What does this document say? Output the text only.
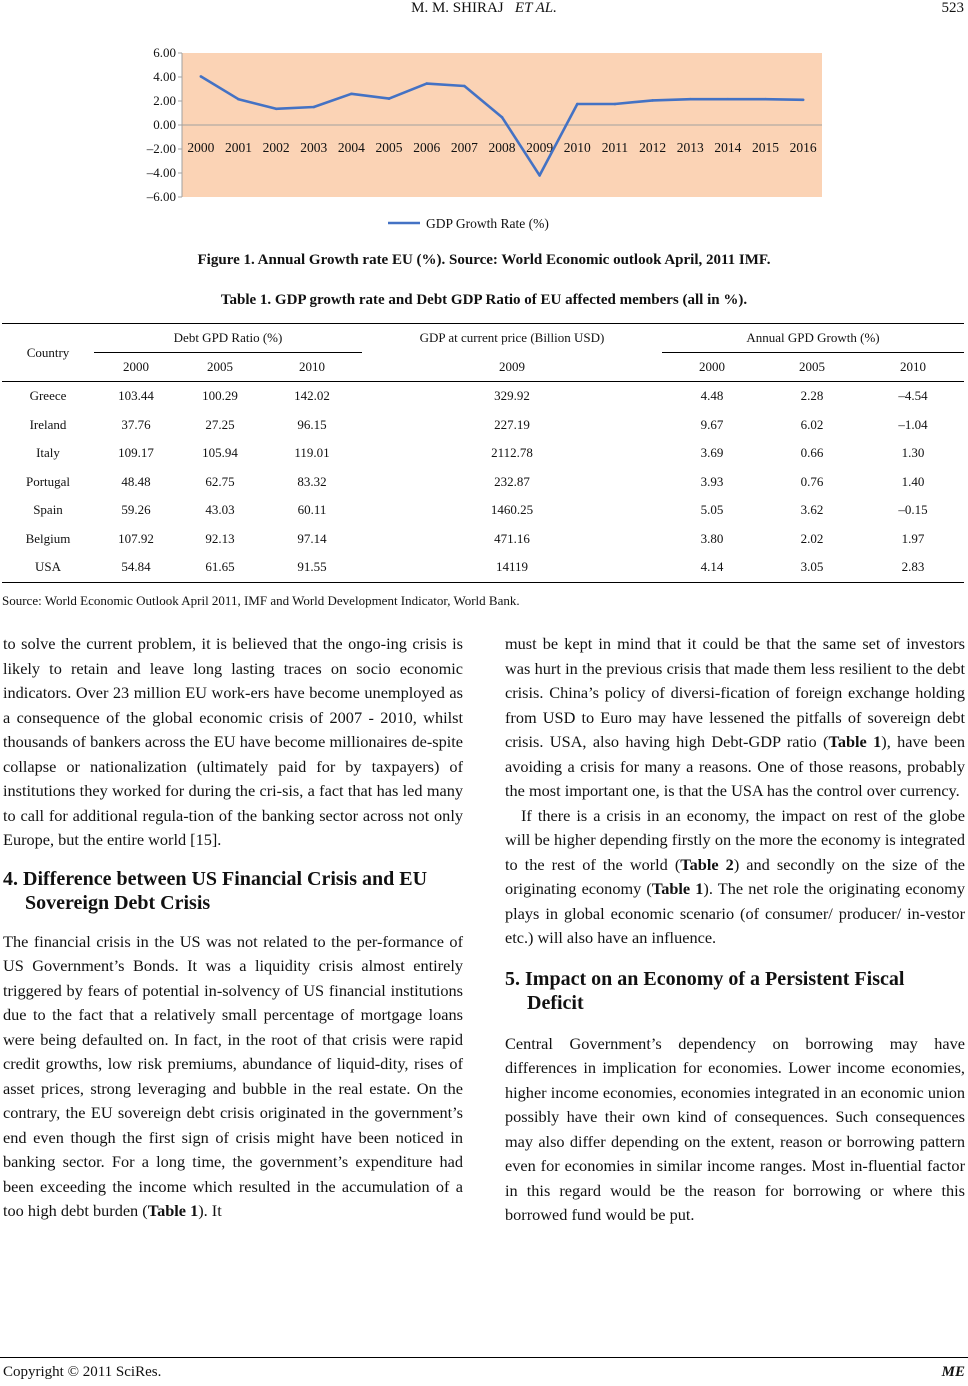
M. M. SHIRAJ ET AL.	523
6.00
4.00
2.00
0.00
–2.00
–4.00
–6.00
2000 2001 2002 2003 2004 2005 2006 2007 2008 2009 2010 2011 2012 2013 2014 2015 2016
GDP Growth Rate (%)
Figure 1. Annual Growth rate EU (%). Source: World Economic outlook April, 2011 IMF.
Table 1. GDP growth rate and Debt GDP Ratio of EU affected members (all in %).
Country	Debt GPD Ratio (%)			GDP at current price (Billion USD)	Annual GPD Growth (%)		
	2000	2005	2010	2009	2000	2005	2010
Greece	103.44	100.29	142.02	329.92	4.48	2.28	–4.54
Ireland	37.76	27.25	96.15	227.19	9.67	6.02	–1.04
Italy	109.17	105.94	119.01	2112.78	3.69	0.66	1.30
Portugal	48.48	62.75	83.32	232.87	3.93	0.76	1.40
Spain	59.26	43.03	60.11	1460.25	5.05	3.62	–0.15
Belgium	107.92	92.13	97.14	471.16	3.80	2.02	1.97
USA	54.84	61.65	91.55	14119	4.14	3.05	2.83
Source: World Economic Outlook April 2011, IMF and World Development Indicator, World Bank.

to solve the current problem, it is believed that the ongo-ing crisis is likely to retain and leave long lasting traces on socio economic indicators. Over 23 million EU work-ers have become unemployed as a consequence of the global economic crisis of 2007 - 2010, whilst thousands of bankers across the EU have become millionaires de-spite collapse or nationalization (ultimately paid for by taxpayers) of institutions they worked for during the cri-sis, a fact that has led many to call for additional regula-tion of the banking sector across not only Europe, but the entire world [15].

4. Difference between US Financial Crisis and EU Sovereign Debt Crisis

The financial crisis in the US was not related to the per-formance of US Government’s Bonds. It was a liquidity crisis almost entirely triggered by fears of potential in-solvency of US financial institutions due to the fact that a relatively small percentage of mortgage loans were being defaulted on. In fact, in the root of that crisis were rapid credit growths, low risk premiums, abundance of liquid-dity, rises of asset prices, strong leveraging and bubble in the real estate. On the contrary, the EU sovereign debt crisis originated in the government’s end even though the first sign of crisis might have been noticed in banking sector. For a long time, the government’s expenditure had been exceeding the income which resulted in the accumulation of a too high debt burden (Table 1). It

must be kept in mind that it could be that the same set of investors was hurt in the previous crisis that made them less resilient to the debt crisis. China’s policy of diversi-fication of foreign exchange holding from USD to Euro may have lessened the pitfalls of sovereign debt crisis. USA, also having high Debt-GDP ratio (Table 1), have been avoiding a crisis for many a reasons. One of those reasons, probably the most important one, is that the USA has the control over currency.

If there is a crisis in an economy, the impact on rest of the globe will be higher depending firstly on the more the economy is integrated to the rest of the world (Table 2) and secondly on the size of the originating economy (Table 1). The net role the originating economy plays in global economic scenario (of consumer/ producer/ in-vestor etc.) will also have an influence.

5. Impact on an Economy of a Persistent Fiscal Deficit

Central Government’s dependency on borrowing may have differences in implication for economies. Lower income economies, higher income economies, economies integrated in an economic union possibly have their own kind of consequences. Such consequences may also differ depending on the extent, reason or borrowing pattern even for economies in similar income ranges. Most in-fluential factor in this regard would be the reason for borrowing or where this borrowed fund would be put.

Copyright © 2011 SciRes.	ME
